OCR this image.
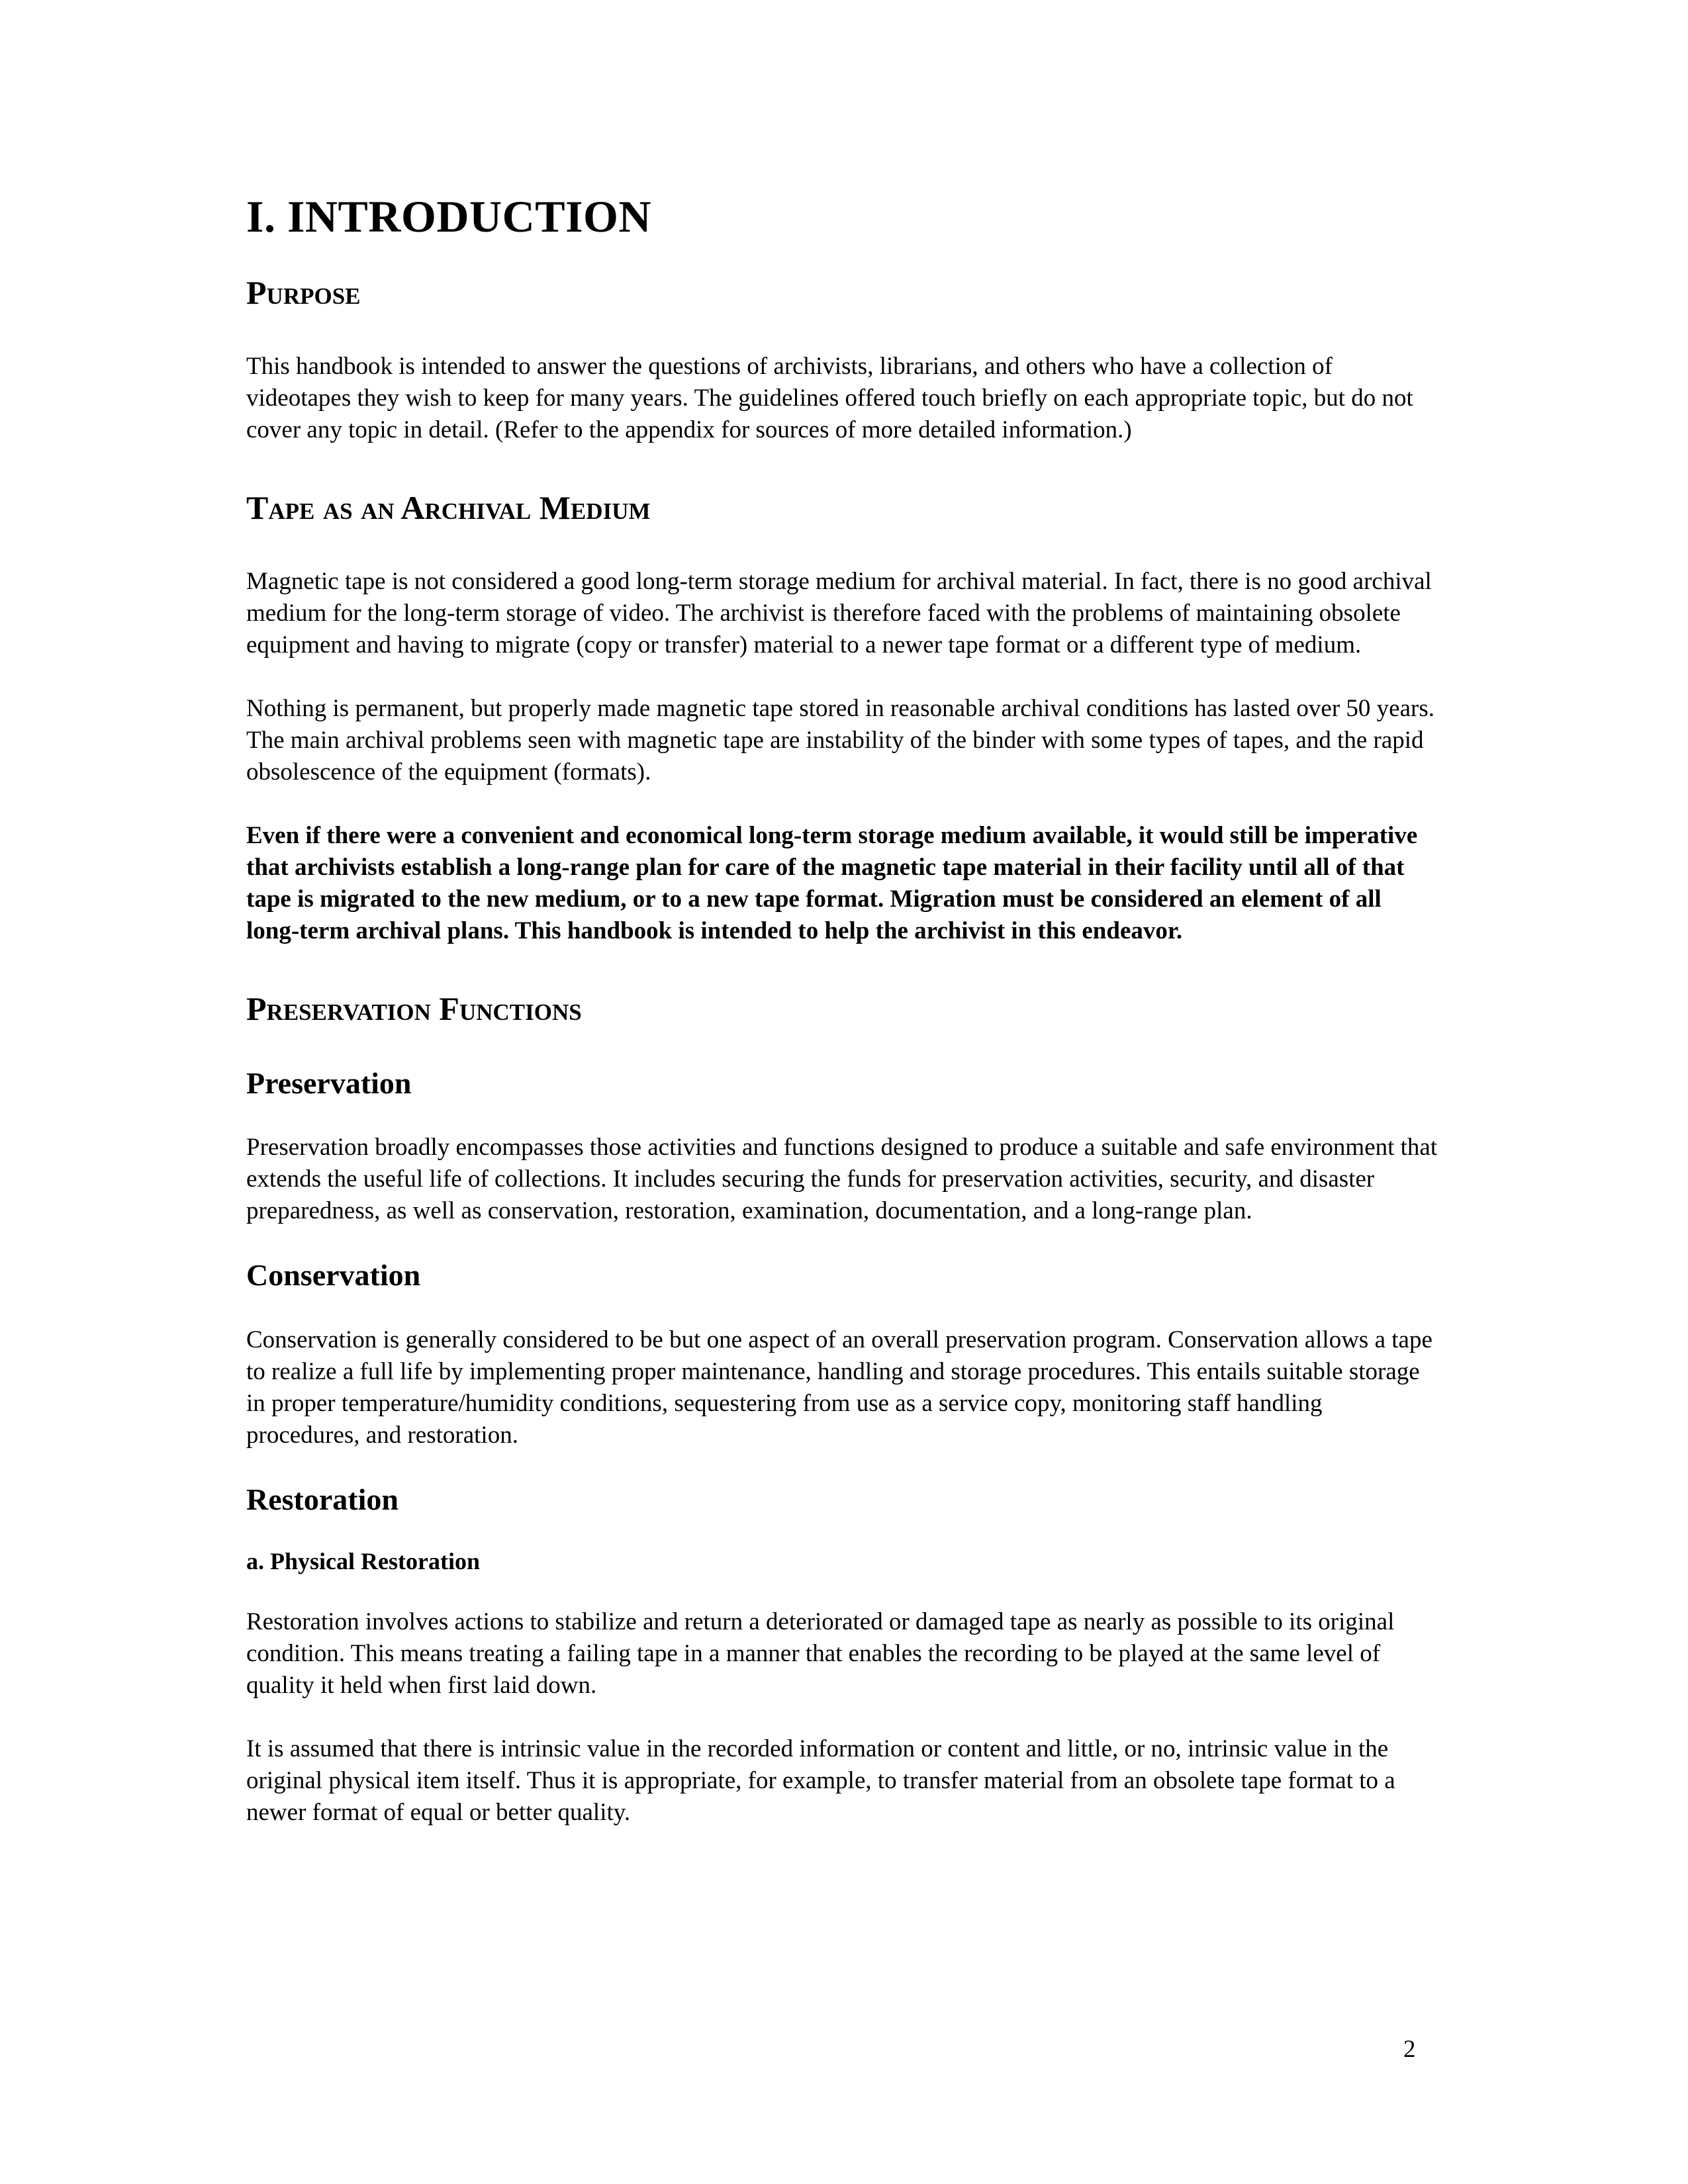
I. INTRODUCTION
Purpose

This handbook is intended to answer the questions of archivists, librarians, and others who have a collection of videotapes they wish to keep for many years. The guidelines offered touch briefly on each appropriate topic, but do not cover any topic in detail. (Refer to the appendix for sources of more detailed information.)

Tape as an Archival Medium

Magnetic tape is not considered a good long-term storage medium for archival material. In fact, there is no good archival medium for the long-term storage of video. The archivist is therefore faced with the problems of maintaining obsolete equipment and having to migrate (copy or transfer) material to a newer tape format or a different type of medium.

Nothing is permanent, but properly made magnetic tape stored in reasonable archival conditions has lasted over 50 years. The main archival problems seen with magnetic tape are instability of the binder with some types of tapes, and the rapid obsolescence of the equipment (formats).

Even if there were a convenient and economical long-term storage medium available, it would still be imperative that archivists establish a long-range plan for care of the magnetic tape material in their facility until all of that tape is migrated to the new medium, or to a new tape format. Migration must be considered an element of all long-term archival plans. This handbook is intended to help the archivist in this endeavor.

Preservation Functions
Preservation

Preservation broadly encompasses those activities and functions designed to produce a suitable and safe environment that extends the useful life of collections. It includes securing the funds for preservation activities, security, and disaster preparedness, as well as conservation, restoration, examination, documentation, and a long-range plan.

Conservation

Conservation is generally considered to be but one aspect of an overall preservation program. Conservation allows a tape to realize a full life by implementing proper maintenance, handling and storage procedures. This entails suitable storage in proper temperature/humidity conditions, sequestering from use as a service copy, monitoring staff handling procedures, and restoration.

Restoration
a. Physical Restoration

Restoration involves actions to stabilize and return a deteriorated or damaged tape as nearly as possible to its original condition. This means treating a failing tape in a manner that enables the recording to be played at the same level of quality it held when first laid down.

It is assumed that there is intrinsic value in the recorded information or content and little, or no, intrinsic value in the original physical item itself. Thus it is appropriate, for example, to transfer material from an obsolete tape format to a newer format of equal or better quality.

2
